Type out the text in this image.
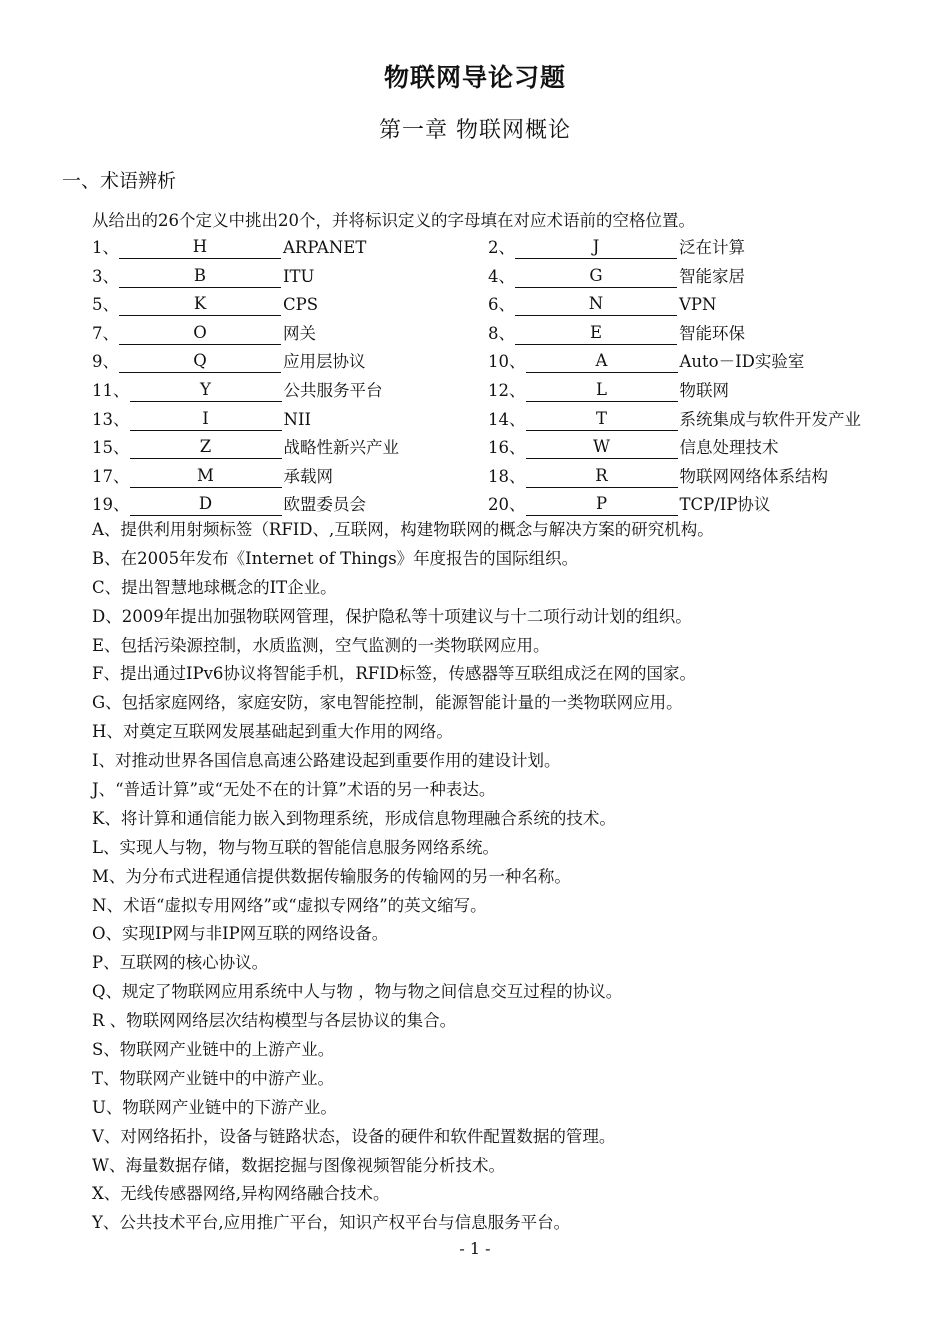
物联网导论习题
第一章 物联网概论
一、术语辨析
从给出的26个定义中挑出20个，并将标识定义的字母填在对应术语前的空格位置。
1、	H	ARPANET	2、	J	泛在计算
3、	B	ITU	4、	G	智能家居
5、	K	CPS	6、	N	VPN
7、	O	网关	8、	E	智能环保
9、	Q	应用层协议	10、	A	Auto－ID实验室
11、	Y	公共服务平台	12、	L	物联网
13、	I	NII	14、	T	系统集成与软件开发产业
15、	Z	战略性新兴产业	16、	W	信息处理技术
17、	M	承载网	18、	R	物联网网络体系结构
19、	D	欧盟委员会	20、	P	TCP/IP协议
A、提供利用射频标签（RFID、,互联网，构建物联网的概念与解决方案的研究机构。
B、在2005年发布《Internet of Things》年度报告的国际组织。
C、提出智慧地球概念的IT企业。
D、2009年提出加强物联网管理，保护隐私等十项建议与十二项行动计划的组织。
E、包括污染源控制，水质监测，空气监测的一类物联网应用。
F、提出通过IPv6协议将智能手机，RFID标签，传感器等互联组成泛在网的国家。
G、包括家庭网络，家庭安防，家电智能控制，能源智能计量的一类物联网应用。
H、对奠定互联网发展基础起到重大作用的网络。
I、对推动世界各国信息高速公路建设起到重要作用的建设计划。
J、“普适计算”或“无处不在的计算”术语的另一种表达。
K、将计算和通信能力嵌入到物理系统，形成信息物理融合系统的技术。
L、实现人与物，物与物互联的智能信息服务网络系统。
M、为分布式进程通信提供数据传输服务的传输网的另一种名称。
N、术语“虚拟专用网络”或“虚拟专网络”的英文缩写。
O、实现IP网与非IP网互联的网络设备。
P、互联网的核心协议。
Q、规定了物联网应用系统中人与物 ，物与物之间信息交互过程的协议。
R 、物联网网络层次结构模型与各层协议的集合。
S、物联网产业链中的上游产业。
T、物联网产业链中的中游产业。
U、物联网产业链中的下游产业。
V、对网络拓扑，设备与链路状态，设备的硬件和软件配置数据的管理。
W、海量数据存储，数据挖掘与图像视频智能分析技术。
X、无线传感器网络,异构网络融合技术。
Y、公共技术平台,应用推广平台，知识产权平台与信息服务平台。
- 1 -
